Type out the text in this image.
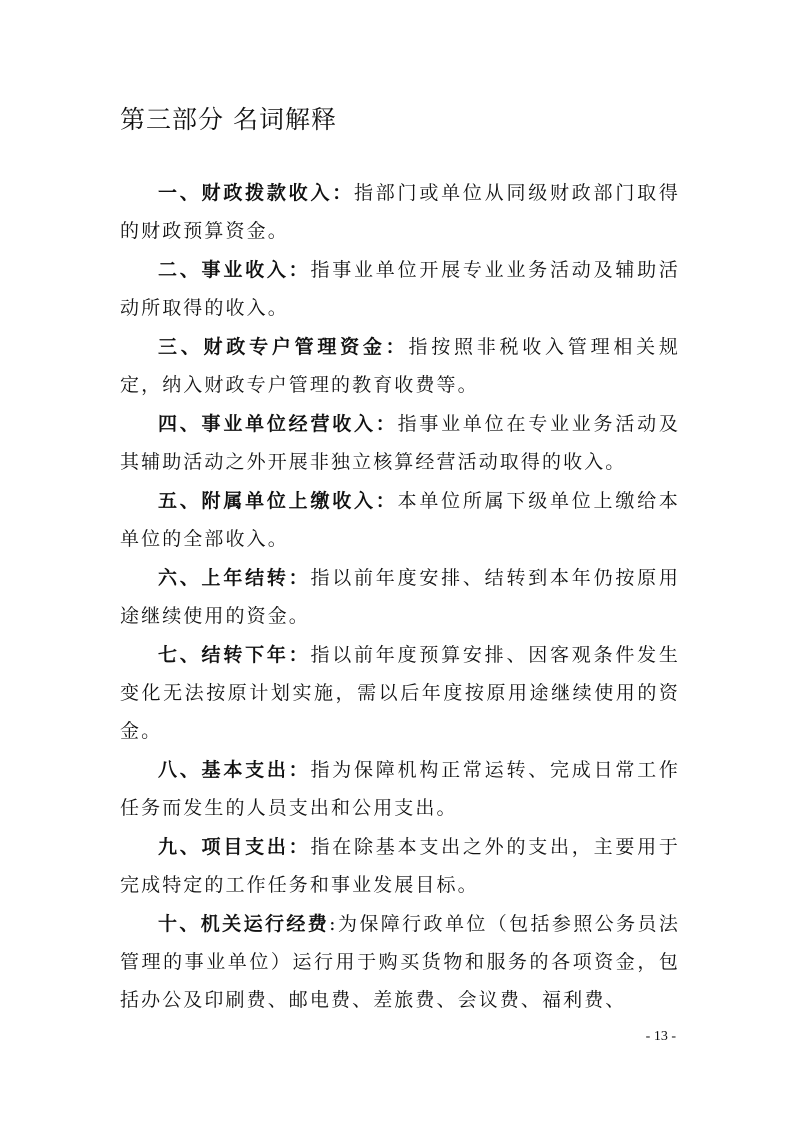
第三部分 名词解释

一、财政拨款收入：指部门或单位从同级财政部门取得的财政预算资金。

二、事业收入：指事业单位开展专业业务活动及辅助活动所取得的收入。

三、财政专户管理资金：指按照非税收入管理相关规定，纳入财政专户管理的教育收费等。

四、事业单位经营收入：指事业单位在专业业务活动及其辅助活动之外开展非独立核算经营活动取得的收入。

五、附属单位上缴收入：本单位所属下级单位上缴给本单位的全部收入。

六、上年结转：指以前年度安排、结转到本年仍按原用途继续使用的资金。

七、结转下年：指以前年度预算安排、因客观条件发生变化无法按原计划实施，需以后年度按原用途继续使用的资金。

八、基本支出：指为保障机构正常运转、完成日常工作任务而发生的人员支出和公用支出。

九、项目支出：指在除基本支出之外的支出，主要用于完成特定的工作任务和事业发展目标。

十、机关运行经费:为保障行政单位（包括参照公务员法管理的事业单位）运行用于购买货物和服务的各项资金，包括办公及印刷费、邮电费、差旅费、会议费、福利费、

- 13 -
